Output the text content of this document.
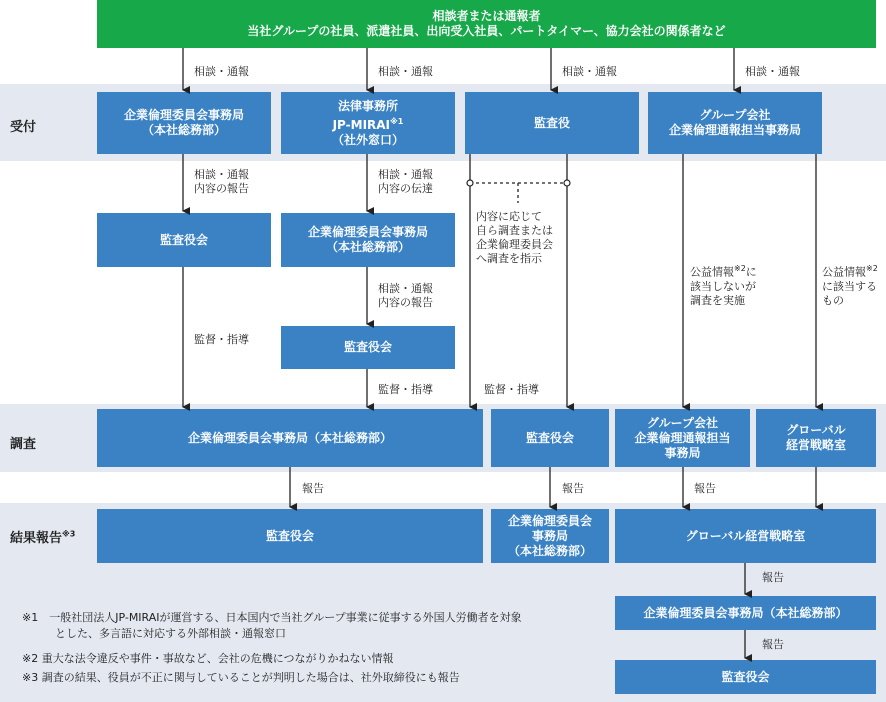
受付
調査
結果報告$^{※3}$
相談者または通報者
当社グループの社員、派遣社員、出向受入社員、パートタイマー、協力会社の関係者など
企業倫理委員会事務局
（本社総務部）
法律事務所
JP-MIRAI$^{※1}$
（社外窓口）
監査役
グループ会社
企業倫理通報担当事務局
監査役会
企業倫理委員会事務局
（本社総務部）
監査役会
企業倫理委員会事務局（本社総務部）	監査役会
グループ会社
企業倫理通報担当
事務局
グローバル
経営戦略室
監査役会
企業倫理委員会
事務局
（本社総務部）
グローバル経営戦略室
企業倫理委員会事務局（本社総務部）
監査役会
相談・通報	相談・通報	相談・通報	相談・通報
相談・通報
内容の報告
相談・通報
内容の伝達
相談・通報
内容の報告
内容に応じて
自ら調査または
企業倫理委員会
へ調査を指示
公益情報$^{※2}$に
該当しないが
調査を実施
公益情報$^{※2}$
に該当する
もの
監督・指導
監督・指導	監督・指導
報告	報告	報告
報告
報告
※1　一般社団法人JP-MIRAIが運営する、日本国内で当社グループ事業に従事する外国人労働者を対象
　　　とした、多言語に対応する外部相談・通報窓口
※2 重大な法令違反や事件・事故など、会社の危機につながりかねない情報
※3 調査の結果、役員が不正に関与していることが判明した場合は、社外取締役にも報告
